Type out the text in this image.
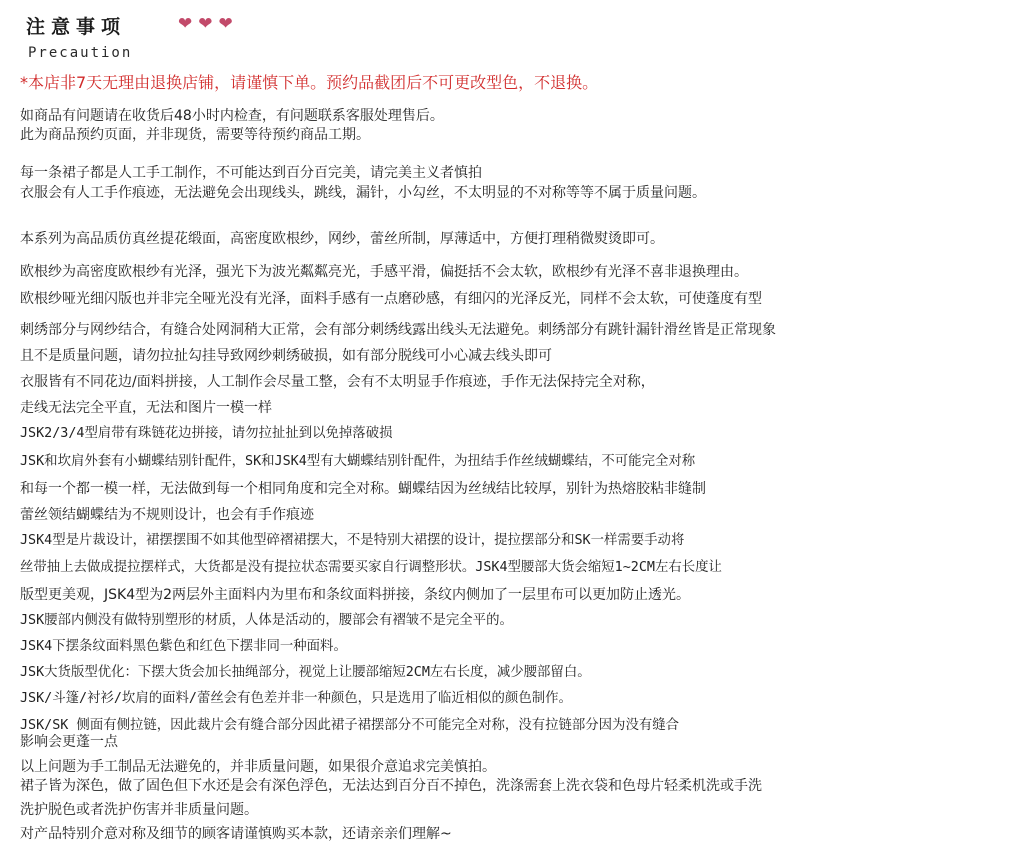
注意事项	❤❤❤
Precaution
*本店非7天无理由退换店铺，请谨慎下单。预约品截团后不可更改型色，不退换。
如商品有问题请在收货后48小时内检查，有问题联系客服处理售后。
此为商品预约页面，并非现货，需要等待预约商品工期。
每一条裙子都是人工手工制作，不可能达到百分百完美，请完美主义者慎拍
衣服会有人工手作痕迹，无法避免会出现线头，跳线，漏针，小勾丝，不太明显的不对称等等不属于质量问题。
本系列为高品质仿真丝提花缎面，高密度欧根纱，网纱，蕾丝所制，厚薄适中，方便打理稍微熨烫即可。
欧根纱为高密度欧根纱有光泽，强光下为波光粼粼亮光，手感平滑，偏挺括不会太软，欧根纱有光泽不喜非退换理由。
欧根纱哑光细闪版也并非完全哑光没有光泽，面料手感有一点磨砂感，有细闪的光泽反光，同样不会太软，可使蓬度有型
刺绣部分与网纱结合，有缝合处网洞稍大正常，会有部分刺绣线露出线头无法避免。刺绣部分有跳针漏针滑丝皆是正常现象
且不是质量问题，请勿拉扯勾挂导致网纱刺绣破损，如有部分脱线可小心减去线头即可
衣服皆有不同花边/面料拼接，人工制作会尽量工整，会有不太明显手作痕迹，手作无法保持完全对称，
走线无法完全平直，无法和图片一模一样
JSK2/3/4型肩带有珠链花边拼接，请勿拉扯扯到以免掉落破损
JSK和坎肩外套有小蝴蝶结别针配件，SK和JSK4型有大蝴蝶结别针配件，为扭结手作丝绒蝴蝶结，不可能完全对称
和每一个都一模一样，无法做到每一个相同角度和完全对称。蝴蝶结因为丝绒结比较厚，别针为热熔胶粘非缝制
蕾丝领结蝴蝶结为不规则设计，也会有手作痕迹
JSK4型是片裁设计，裙摆摆围不如其他型碎褶裙摆大，不是特别大裙摆的设计，提拉摆部分和SK一样需要手动将
丝带抽上去做成提拉摆样式，大货都是没有提拉状态需要买家自行调整形状。JSK4型腰部大货会缩短1~2CM左右长度让
版型更美观，JSK4型为2两层外主面料内为里布和条纹面料拼接，条纹内侧加了一层里布可以更加防止透光。
JSK腰部内侧没有做特别塑形的材质，人体是活动的，腰部会有褶皱不是完全平的。
JSK4下摆条纹面料黑色紫色和红色下摆非同一种面料。
JSK大货版型优化：下摆大货会加长抽绳部分，视觉上让腰部缩短2CM左右长度，减少腰部留白。
JSK/斗篷/衬衫/坎肩的面料/蕾丝会有色差并非一种颜色，只是选用了临近相似的颜色制作。
JSK/SK 侧面有侧拉链，因此裁片会有缝合部分因此裙子裙摆部分不可能完全对称，没有拉链部分因为没有缝合
影响会更蓬一点
以上问题为手工制品无法避免的，并非质量问题，如果很介意追求完美慎拍。
裙子皆为深色，做了固色但下水还是会有深色浮色，无法达到百分百不掉色，洗涤需套上洗衣袋和色母片轻柔机洗或手洗
洗护脱色或者洗护伤害并非质量问题。
对产品特别介意对称及细节的顾客请谨慎购买本款，还请亲亲们理解~
